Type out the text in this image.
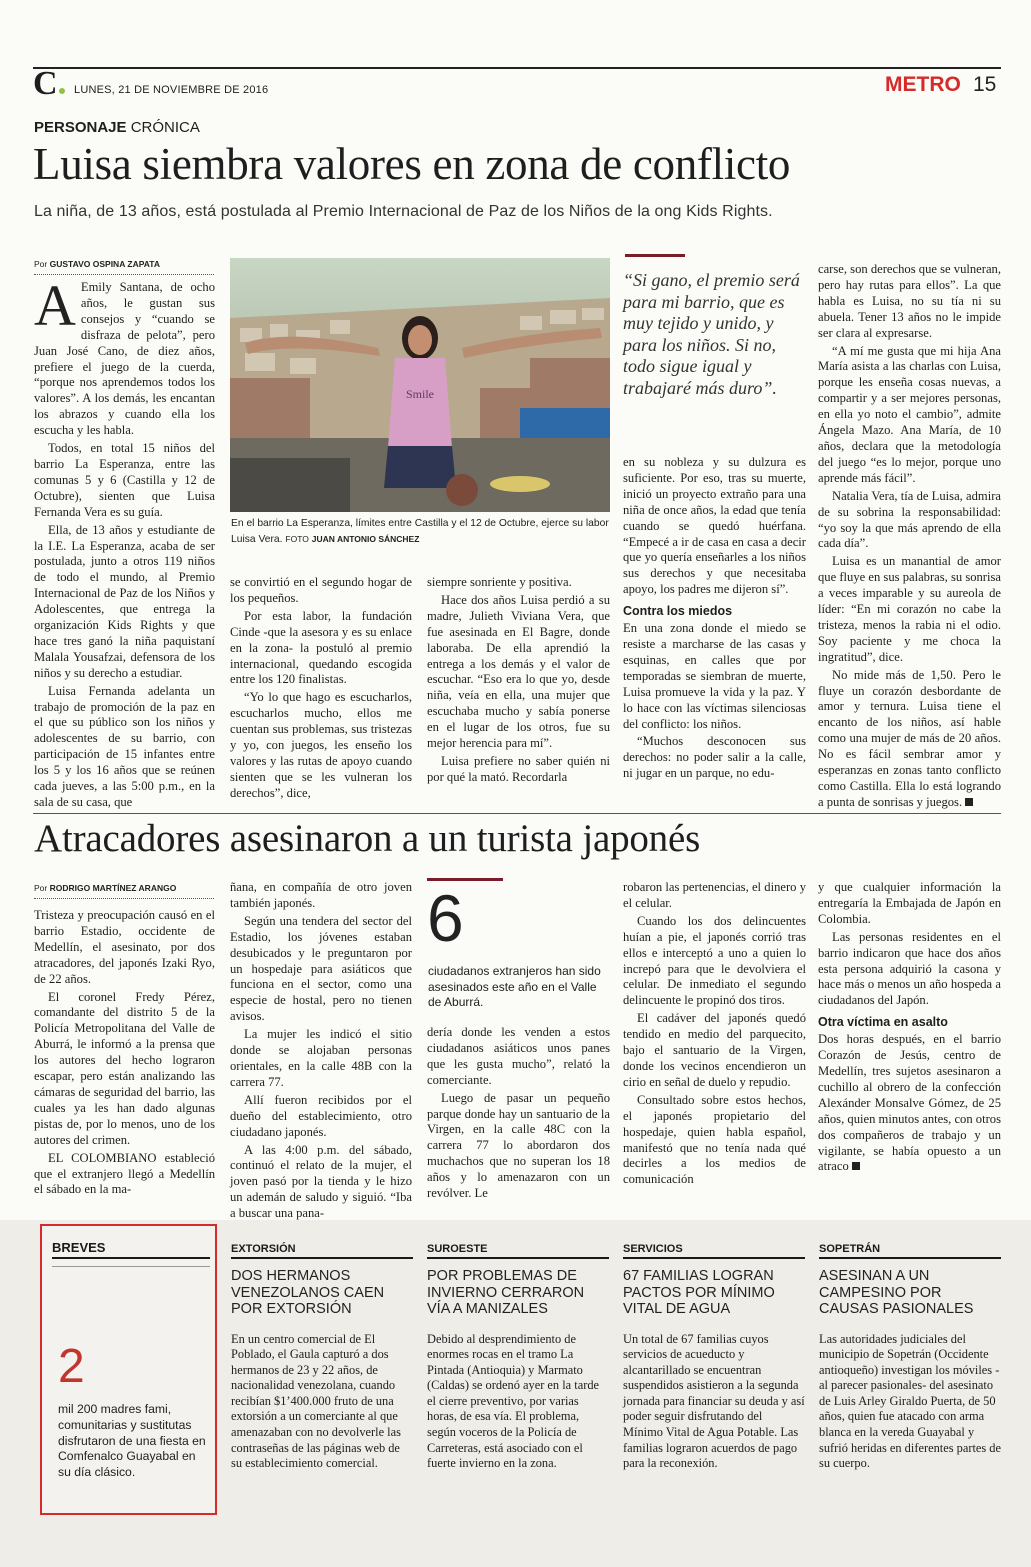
C	LUNES, 21 DE NOVIEMBRE DE 2016	METRO 15
PERSONAJE CRÓNICA
Luisa siembra valores en zona de conflicto
La niña, de 13 años, está postulada al Premio Internacional de Paz de los Niños de la ong Kids Rights.
Por GUSTAVO OSPINA ZAPATA

A Emily Santana, de ocho años, le gustan sus consejos y “cuando se disfraza de pelota”, pero Juan José Cano, de diez años, prefiere el juego de la cuerda, “porque nos aprendemos todos los valores”. A los demás, les encantan los abrazos y cuando ella los escucha y les habla.

Todos, en total 15 niños del barrio La Esperanza, entre las comunas 5 y 6 (Castilla y 12 de Octubre), sienten que Luisa Fernanda Vera es su guía.

Ella, de 13 años y estudiante de la I.E. La Esperanza, acaba de ser postulada, junto a otros 119 niños de todo el mundo, al Premio Internacional de Paz de los Niños y Adolescentes, que entrega la organización Kids Rights y que hace tres ganó la niña paquistaní Malala Yousafzai, defensora de los niños y su derecho a estudiar.

Luisa Fernanda adelanta un trabajo de promoción de la paz en el que su público son los niños y adolescentes de su barrio, con participación de 15 infantes entre los 5 y los 16 años que se reúnen cada jueves, a las 5:00 p.m., en la sala de su casa, que

Smile
En el barrio La Esperanza, límites entre Castilla y el 12 de Octubre, ejerce su labor Luisa Vera. FOTO JUAN ANTONIO SÁNCHEZ

se convirtió en el segundo hogar de los pequeños.

Por esta labor, la fundación Cinde -que la asesora y es su enlace en la zona- la postuló al premio internacional, quedando escogida entre los 120 finalistas.

“Yo lo que hago es escucharlos, escucharlos mucho, ellos me cuentan sus problemas, sus tristezas y yo, con juegos, les enseño los valores y las rutas de apoyo cuando sienten que se les vulneran los derechos”, dice,

siempre sonriente y positiva.

Hace dos años Luisa perdió a su madre, Julieth Viviana Vera, que fue asesinada en El Bagre, donde laboraba. De ella aprendió la entrega a los demás y el valor de escuchar. “Eso era lo que yo, desde niña, veía en ella, una mujer que escuchaba mucho y sabía ponerse en el lugar de los otros, fue su mejor herencia para mí”.

Luisa prefiere no saber quién ni por qué la mató. Recordarla

“Si gano, el premio será para mi barrio, que es muy tejido y unido, y para los niños. Si no, todo sigue igual y trabajaré más duro”.

en su nobleza y su dulzura es suficiente. Por eso, tras su muerte, inició un proyecto extraño para una niña de once años, la edad que tenía cuando se quedó huérfana. “Empecé a ir de casa en casa a decir que yo quería enseñarles a los niños sus derechos y que necesitaba apoyo, los padres me dijeron sí”.

Contra los miedos

En una zona donde el miedo se resiste a marcharse de las casas y esquinas, en calles que por temporadas se siembran de muerte, Luisa promueve la vida y la paz. Y lo hace con las víctimas silenciosas del conflicto: los niños.

“Muchos desconocen sus derechos: no poder salir a la calle, ni jugar en un parque, no edu-

carse, son derechos que se vulneran, pero hay rutas para ellos”. La que habla es Luisa, no su tía ni su abuela. Tener 13 años no le impide ser clara al expresarse.

“A mí me gusta que mi hija Ana María asista a las charlas con Luisa, porque les enseña cosas nuevas, a compartir y a ser mejores personas, en ella yo noto el cambio”, admite Ángela Mazo. Ana María, de 10 años, declara que la metodología del juego “es lo mejor, porque uno aprende más fácil”.

Natalia Vera, tía de Luisa, admira de su sobrina la responsabilidad: “yo soy la que más aprendo de ella cada día”.

Luisa es un manantial de amor que fluye en sus palabras, su sonrisa a veces imparable y su aureola de líder: “En mi corazón no cabe la tristeza, menos la rabia ni el odio. Soy paciente y me choca la ingratitud”, dice.

No mide más de 1,50. Pero le fluye un corazón desbordante de amor y ternura. Luisa tiene el encanto de los niños, así hable como una mujer de más de 20 años. No es fácil sembrar amor y esperanzas en zonas tanto conflicto como Castilla. Ella lo está logrando a punta de sonrisas y juegos.

Atracadores asesinaron a un turista japonés
Por RODRIGO MARTÍNEZ ARANGO

Tristeza y preocupación causó en el barrio Estadio, occidente de Medellín, el asesinato, por dos atracadores, del japonés Izaki Ryo, de 22 años.

El coronel Fredy Pérez, comandante del distrito 5 de la Policía Metropolitana del Valle de Aburrá, le informó a la prensa que los autores del hecho lograron escapar, pero están analizando las cámaras de seguridad del barrio, las cuales ya les han dado algunas pistas de, por lo menos, uno de los autores del crimen.

EL COLOMBIANO estableció que el extranjero llegó a Medellín el sábado en la ma-

ñana, en compañía de otro joven también japonés.

Según una tendera del sector del Estadio, los jóvenes estaban desubicados y le preguntaron por un hospedaje para asiáticos que funciona en el sector, como una especie de hostal, pero no tienen avisos.

La mujer les indicó el sitio donde se alojaban personas orientales, en la calle 48B con la carrera 77.

Allí fueron recibidos por el dueño del establecimiento, otro ciudadano japonés.

A las 4:00 p.m. del sábado, continuó el relato de la mujer, el joven pasó por la tienda y le hizo un ademán de saludo y siguió. “Iba a buscar una pana-

6
ciudadanos extranjeros han sido asesinados este año en el Valle de Aburrá.

dería donde les venden a estos ciudadanos asiáticos unos panes que les gusta mucho”, relató la comerciante.

Luego de pasar un pequeño parque donde hay un santuario de la Virgen, en la calle 48C con la carrera 77 lo abordaron dos muchachos que no superan los 18 años y lo amenazaron con un revólver. Le

robaron las pertenencias, el dinero y el celular.

Cuando los dos delincuentes huían a pie, el japonés corrió tras ellos e interceptó a uno a quien lo increpó para que le devolviera el celular. De inmediato el segundo delincuente le propinó dos tiros.

El cadáver del japonés quedó tendido en medio del parquecito, bajo el santuario de la Virgen, donde los vecinos encendieron un cirio en señal de duelo y repudio.

Consultado sobre estos hechos, el japonés propietario del hospedaje, quien habla español, manifestó que no tenía nada qué decirles a los medios de comunicación

y que cualquier información la entregaría la Embajada de Japón en Colombia.

Las personas residentes en el barrio indicaron que hace dos años esta persona adquirió la casona y hace más o menos un año hospeda a ciudadanos del Japón.

Otra víctima en asalto

Dos horas después, en el barrio Corazón de Jesús, centro de Medellín, tres sujetos asesinaron a cuchillo al obrero de la confección Alexánder Monsalve Gómez, de 25 años, quien minutos antes, con otros dos compañeros de trabajo y un vigilante, se había opuesto a un atraco

BREVES
2
mil 200 madres fami, comunitarias y sustitutas disfrutaron de una fiesta en Comfenalco Guayabal en su día clásico.
EXTORSIÓN
DOS HERMANOS VENEZOLANOS CAEN POR EXTORSIÓN
En un centro comercial de El Poblado, el Gaula capturó a dos hermanos de 23 y 22 años, de nacionalidad venezolana, cuando recibían $1’400.000 fruto de una extorsión a un comerciante al que amenazaban con no devolverle las contraseñas de las páginas web de su establecimiento comercial.
SUROESTE
POR PROBLEMAS DE INVIERNO CERRARON VÍA A MANIZALES
Debido al desprendimiento de enormes rocas en el tramo La Pintada (Antioquia) y Marmato (Caldas) se ordenó ayer en la tarde el cierre preventivo, por varias horas, de esa vía. El problema, según voceros de la Policía de Carreteras, está asociado con el fuerte invierno en la zona.
SERVICIOS
67 FAMILIAS LOGRAN PACTOS POR MÍNIMO VITAL DE AGUA
Un total de 67 familias cuyos servicios de acueducto y alcantarillado se encuentran suspendidos asistieron a la segunda jornada para financiar su deuda y así poder seguir disfrutando del Mínimo Vital de Agua Potable. Las familias lograron acuerdos de pago para la reconexión.
SOPETRÁN
ASESINAN A UN CAMPESINO POR CAUSAS PASIONALES
Las autoridades judiciales del municipio de Sopetrán (Occidente antioqueño) investigan los móviles -al parecer pasionales- del asesinato de Luis Arley Giraldo Puerta, de 50 años, quien fue atacado con arma blanca en la vereda Guayabal y sufrió heridas en diferentes partes de su cuerpo.
